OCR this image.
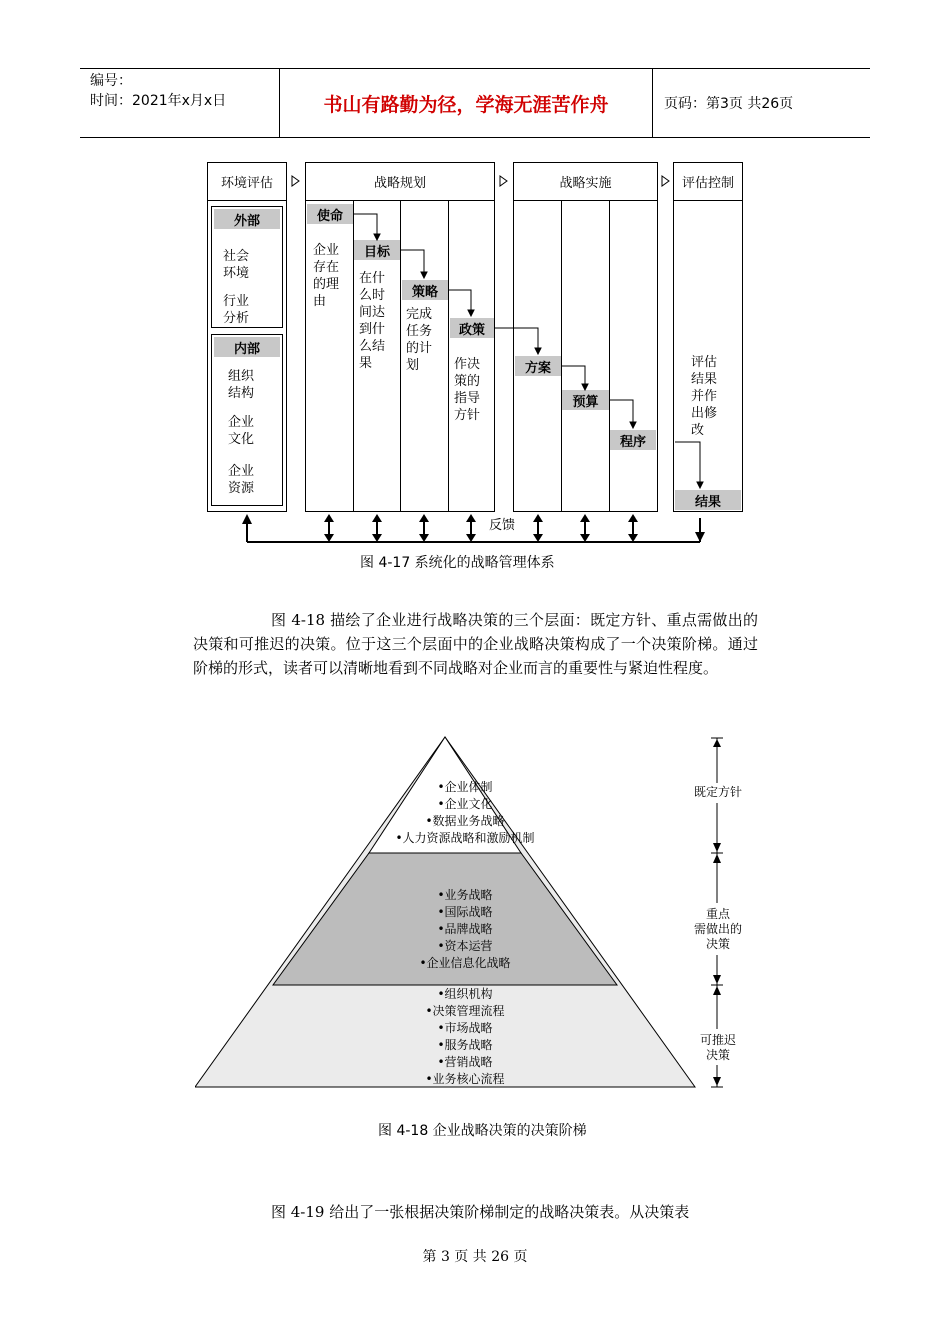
编号：
时间：2021年x月x日	书山有路勤为径，学海无涯苦作舟	页码：第3页 共26页
环境评估
外部
社会
环境
行业
分析
内部
组织
结构
企业
文化
企业
资源
战略规划
使命
企业
存在
的理
由
目标
在什
么时
间达
到什
么结
果
策略
完成
任务
的计
划
政策
作决
策的
指导
方针
战略实施
方案
预算
程序
评估控制
评估
结果
并作
出修
改
结果
反馈
图 4-17 系统化的战略管理体系
图 4-18 描绘了企业进行战略决策的三个层面：既定方针、重点需做出的决策和可推迟的决策。位于这三个层面中的企业战略决策构成了一个决策阶梯。通过阶梯的形式，读者可以清晰地看到不同战略对企业而言的重要性与紧迫性程度。
•企业体制
•企业文化
•数据业务战略
•人力资源战略和激励机制
•业务战略
•国际战略
•品牌战略
•资本运营
•企业信息化战略
•组织机构
•决策管理流程
•市场战略
•服务战略
•营销战略
•业务核心流程
既定方针
重点
需做出的
决策
可推迟
决策
图 4-18 企业战略决策的决策阶梯
图 4-19 给出了一张根据决策阶梯制定的战略决策表。从决策表
第 3 页 共 26 页
